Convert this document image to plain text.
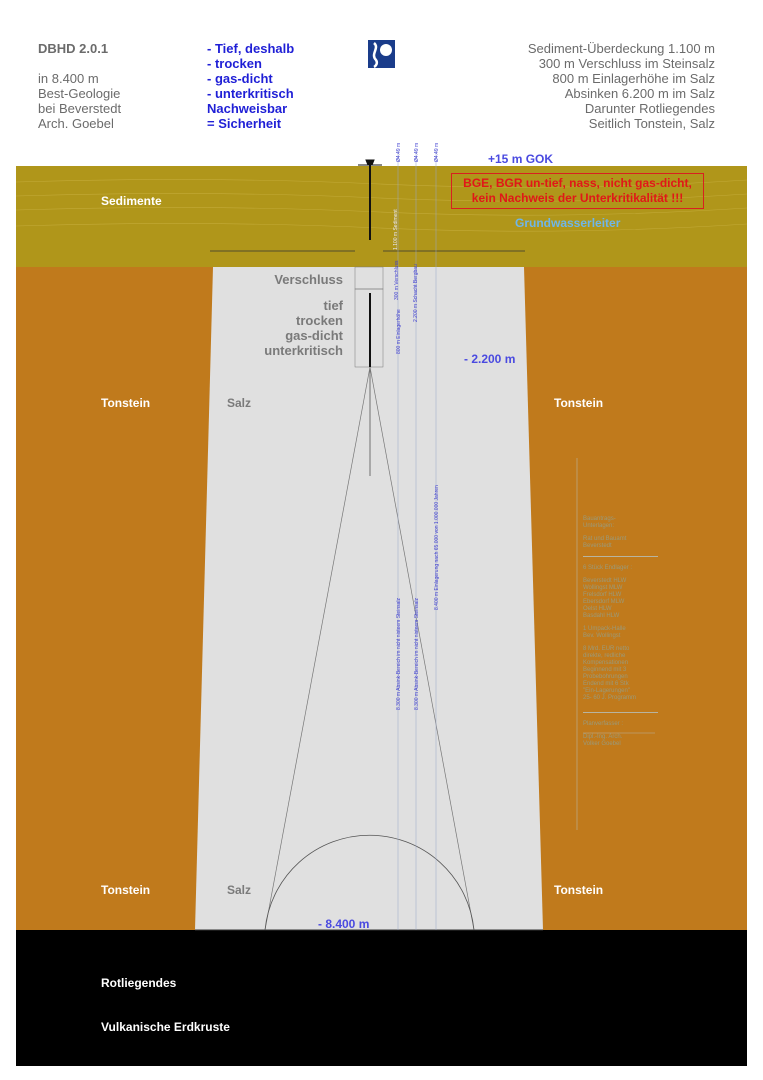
DBHD 2.0.1
in 8.400 m
Best-Geologie
bei Beverstedt
Arch. Goebel
- Tief, deshalb
- trocken
- gas-dicht
- unterkritisch
Nachweisbar
= Sicherheit
Sediment-Überdeckung 1.100 m
300 m Verschluss im Steinsalz
800 m Einlagerhöhe im Salz
Absinken 6.200 m im Salz
Darunter Rotliegendes
Seitlich Tonstein, Salz
+15 m GOK
Sedimente
BGE, BGR un-tief, nass, nicht gas-dicht,
kein Nachweis der Unterkritikalität !!!
Grundwasserleiter
Verschluss
tief
trocken
gas-dicht
unterkritisch
- 2.200 m
- 8.400 m
Tonstein	Salz	Tonstein
Tonstein	Salz	Tonstein
Rotliegendes
Vulkanische Erdkruste
Ø4.49 m Ø4.49 m	Ø4.49 m
1.100 m Sediment
300 m Verschluss	2.200 m Schacht Bergbau
800 m Einlagerhöhe
8.300 m Absink-Bereich im nicht nisteem Steinsalz 8.300 m Absink-Bereich im nicht nisteem Steinsalz
8.400 m Einlagerung nach 65.000 von 1.000.000 Jahren	Bauantrags-
Unterlagen:

Rat und Bauamt
Beverstedt

6 Stück Endlager :

Beverstedt HLW
Wollingst MLW
Frelsdorf HLW
Ebersdorf MLW
Oelst HLW
Basdahl HLW

1 Umpack-Halle
Bev. Wollingst

8 Mrd. EUR netto
direkte, redliche
Kompensationen
Beginnend mit 3
Probebohrungen
Endend mit 6 Stk
"Ein-Lagerungen"
25- 60 J. Programm

Planverfasser :

Dipl.-Ing. Arch.
Volker Goebel
